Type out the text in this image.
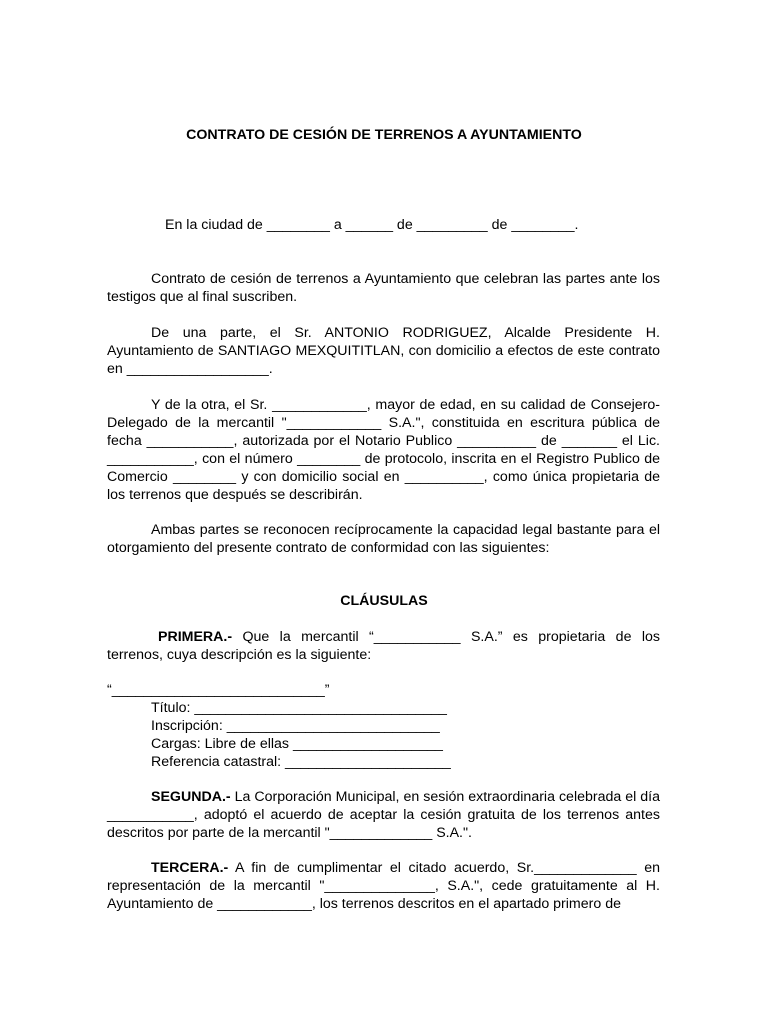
CONTRATO DE CESIÓN DE TERRENOS A AYUNTAMIENTO
En la ciudad de ________ a ______ de _________ de ________.
Contrato de cesión de terrenos a Ayuntamiento que celebran las partes ante los testigos que al final suscriben.
De una parte, el Sr. ANTONIO RODRIGUEZ, Alcalde Presidente H. Ayuntamiento de SANTIAGO MEXQUITITLAN, con domicilio a efectos de este contrato en __________________.
Y de la otra, el Sr. ____________, mayor de edad, en su calidad de Consejero-Delegado de la mercantil "____________ S.A.", constituida en escritura pública de fecha ___________, autorizada por el Notario Publico __________ de _______ el Lic. ___________, con el número ________ de protocolo, inscrita en el Registro Publico de Comercio ________ y con domicilio social en __________, como única propietaria de los terrenos que después se describirán.
Ambas partes se reconocen recíprocamente la capacidad legal bastante para el otorgamiento del presente contrato de conformidad con las siguientes:
CLÁUSULAS
PRIMERA.- Que la mercantil “___________ S.A.” es propietaria de los terrenos, cuya descripción es la siguiente:
“___________________________”
Título: ________________________________
Inscripción: ___________________________
Cargas: Libre de ellas ___________________
Referencia catastral: _____________________
SEGUNDA.- La Corporación Municipal, en sesión extraordinaria celebrada el día ___________, adoptó el acuerdo de aceptar la cesión gratuita de los terrenos antes descritos por parte de la mercantil "_____________ S.A.".
TERCERA.- A fin de cumplimentar el citado acuerdo, Sr._____________ en representación de la mercantil "______________, S.A.", cede gratuitamente al H. Ayuntamiento de ____________, los terrenos descritos en el apartado primero de
